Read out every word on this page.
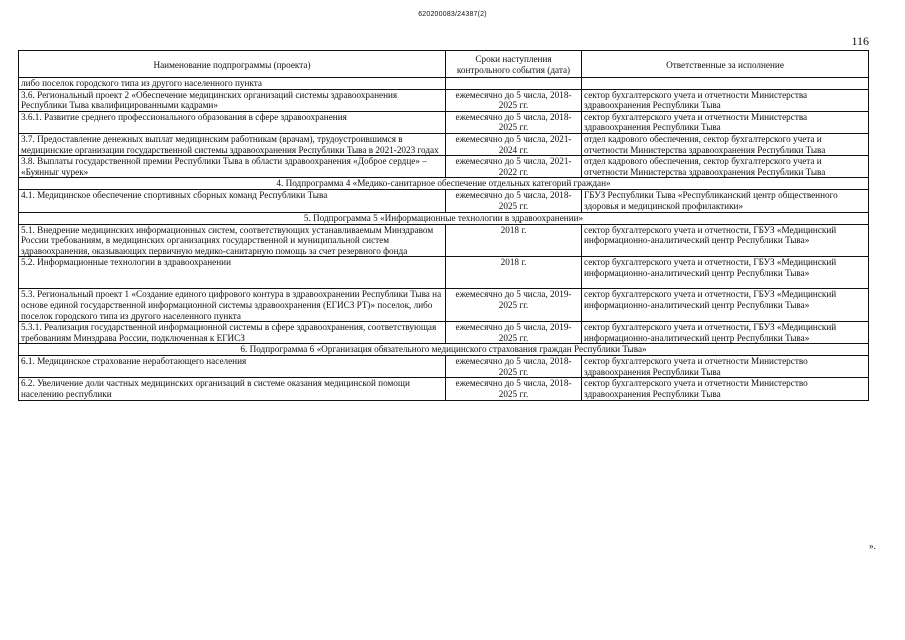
620200083/24387(2)
116
Наименование подпрограммы (проекта)	Сроки наступления контрольного события (дата)	Ответственные за исполнение
либо поселок городского типа из другого населенного пункта		
3.6. Региональный проект 2 «Обеспечение медицинских организаций системы здравоохранения Республики Тыва квалифицированными кадрами»	ежемесячно до 5 числа, 2018-2025 гг.	сектор бухгалтерского учета и отчетности Министерства здравоохранения Республики Тыва
3.6.1. Развитие среднего профессионального образования в сфере здравоохранения	ежемесячно до 5 числа, 2018-2025 гг.	сектор бухгалтерского учета и отчетности Министерства здравоохранения Республики Тыва
3.7. Предоставление денежных выплат медицинским работникам (врачам), трудоустроившимся в медицинские организации государственной системы здравоохранения Республики Тыва в 2021-2023 годах	ежемесячно до 5 числа, 2021-2024 гг.	отдел кадрового обеспечения, сектор бухгалтерского учета и отчетности Министерства здравоохранения Республики Тыва
3.8. Выплаты государственной премии Республики Тыва в области здравоохранения «Доброе сердце» – «Буянныг чурек»	ежемесячно до 5 числа, 2021-2022 гг.	отдел кадрового обеспечения, сектор бухгалтерского учета и отчетности Министерства здравоохранения Республики Тыва
4. Подпрограмма 4 «Медико-санитарное обеспечение отдельных категорий граждан»		
4.1. Медицинское обеспечение спортивных сборных команд Республики Тыва	ежемесячно до 5 числа, 2018-2025 гг.	ГБУЗ Республики Тыва «Республиканский центр общественного здоровья и медицинской профилактики»
5. Подпрограмма 5 «Информационные технологии в здравоохранении»		
5.1. Внедрение медицинских информационных систем, соответствующих устанавливаемым Минздравом России требованиям, в медицинских организациях государственной и муниципальной систем здравоохранения, оказывающих первичную медико-санитарную помощь за счет резервного фонда	2018 г.	сектор бухгалтерского учета и отчетности, ГБУЗ «Медицинский информационно-аналитический центр Республики Тыва»
5.2. Информационные технологии в здравоохранении	2018 г.	сектор бухгалтерского учета и отчетности, ГБУЗ «Медицинский информационно-аналитический центр Республики Тыва»
5.3. Региональный проект 1 «Создание единого цифрового контура в здравоохранении Республики Тыва на основе единой государственной информационной системы здравоохранения (ЕГИСЗ РТ)» поселок, либо поселок городского типа из другого населенного пункта	ежемесячно до 5 числа, 2019-2025 гг.	сектор бухгалтерского учета и отчетности, ГБУЗ «Медицинский информационно-аналитический центр Республики Тыва»
5.3.1. Реализация государственной информационной системы в сфере здравоохранения, соответствующая требованиям Минздрава России, подключенная к ЕГИСЗ	ежемесячно до 5 числа, 2019-2025 гг.	сектор бухгалтерского учета и отчетности, ГБУЗ «Медицинский информационно-аналитический центр Республики Тыва»
6. Подпрограмма 6 «Организация обязательного медицинского страхования граждан Республики Тыва»		
6.1. Медицинское страхование неработающего населения	ежемесячно до 5 числа, 2018-2025 гг.	сектор бухгалтерского учета и отчетности Министерство здравоохранения Республики Тыва
6.2. Увеличение доли частных медицинских организаций в системе оказания медицинской помощи населению республики	ежемесячно до 5 числа, 2018-2025 гг.	сектор бухгалтерского учета и отчетности Министерство здравоохранения Республики Тыва
».
